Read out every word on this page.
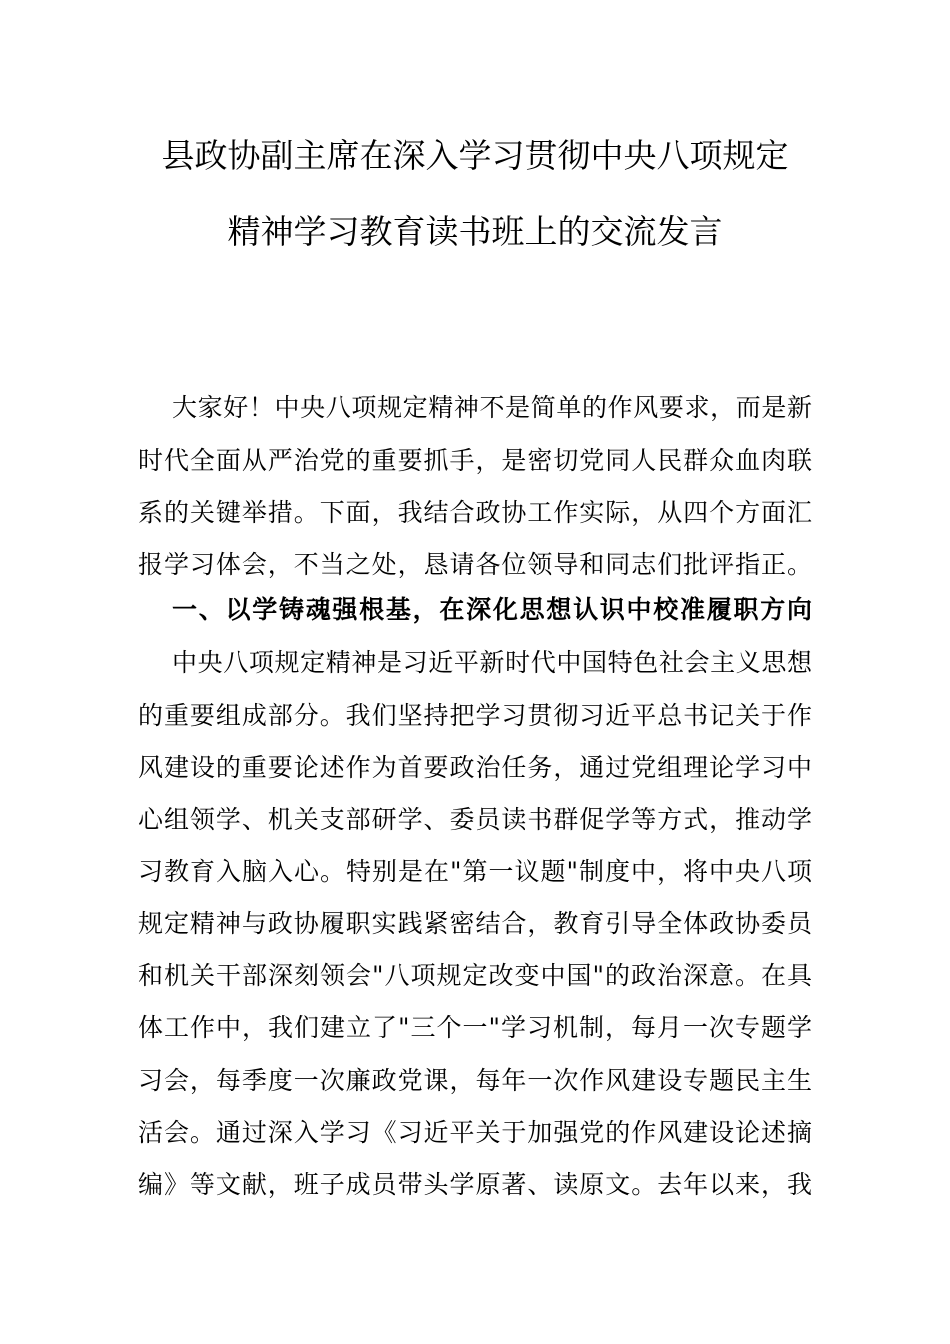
县政协副主席在深入学习贯彻中央八项规定
精神学习教育读书班上的交流发言
大家好！中央八项规定精神不是简单的作风要求，而是新
时代全面从严治党的重要抓手，是密切党同人民群众血肉联
系的关键举措。下面，我结合政协工作实际，从四个方面汇
报学习体会，不当之处，恳请各位领导和同志们批评指正。
一、以学铸魂强根基，在深化思想认识中校准履职方向
中央八项规定精神是习近平新时代中国特色社会主义思想
的重要组成部分。我们坚持把学习贯彻习近平总书记关于作
风建设的重要论述作为首要政治任务，通过党组理论学习中
心组领学、机关支部研学、委员读书群促学等方式，推动学
习教育入脑入心。特别是在"第一议题"制度中，将中央八项
规定精神与政协履职实践紧密结合，教育引导全体政协委员
和机关干部深刻领会"八项规定改变中国"的政治深意。在具
体工作中，我们建立了"三个一"学习机制，每月一次专题学
习会，每季度一次廉政党课，每年一次作风建设专题民主生
活会。通过深入学习《习近平关于加强党的作风建设论述摘
编》等文献，班子成员带头学原著、读原文。去年以来，我
